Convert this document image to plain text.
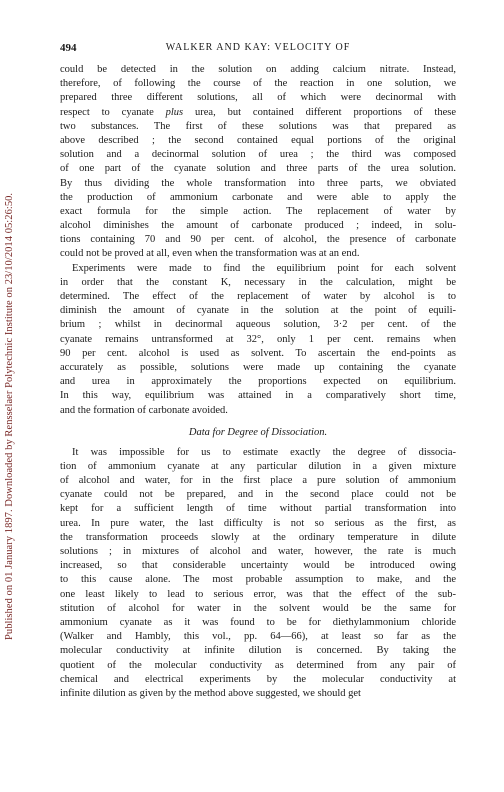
Published on 01 January 1897. Downloaded by Rensselaer Polytechnic Institute on 23/10/2014 05:26:50.
494	WALKER AND KAY: VELOCITY OF

could be detected in the solution on adding calcium nitrate. Instead,
therefore, of following the course of the reaction in one solution, we
prepared three different solutions, all of which were decinormal with
respect to cyanate plus urea, but contained different proportions of these
two substances. The first of these solutions was that prepared as
above described ; the second contained equal portions of the original
solution and a decinormal solution of urea ; the third was composed
of one part of the cyanate solution and three parts of the urea solution.
By thus dividing the whole transformation into three parts, we obviated
the production of ammonium carbonate and were able to apply the
exact formula for the simple action. The replacement of water by
alcohol diminishes the amount of carbonate produced ; indeed, in solu-
tions containing 70 and 90 per cent. of alcohol, the presence of carbonate
could not be proved at all, even when the transformation was at an end.

Experiments were made to find the equilibrium point for each solvent
in order that the constant K, necessary in the calculation, might be
determined. The effect of the replacement of water by alcohol is to
diminish the amount of cyanate in the solution at the point of equili-
brium ; whilst in decinormal aqueous solution, 3·2 per cent. of the
cyanate remains untransformed at 32°, only 1 per cent. remains when
90 per cent. alcohol is used as solvent. To ascertain the end-points as
accurately as possible, solutions were made up containing the cyanate
and urea in approximately the proportions expected on equilibrium.
In this way, equilibrium was attained in a comparatively short time,
and the formation of carbonate avoided.

Data for Degree of Dissociation.

It was impossible for us to estimate exactly the degree of dissocia-
tion of ammonium cyanate at any particular dilution in a given mixture
of alcohol and water, for in the first place a pure solution of ammonium
cyanate could not be prepared, and in the second place could not be
kept for a sufficient length of time without partial transformation into
urea. In pure water, the last difficulty is not so serious as the first, as
the transformation proceeds slowly at the ordinary temperature in dilute
solutions ; in mixtures of alcohol and water, however, the rate is much
increased, so that considerable uncertainty would be introduced owing
to this cause alone. The most probable assumption to make, and the
one least likely to lead to serious error, was that the effect of the sub-
stitution of alcohol for water in the solvent would be the same for
ammonium cyanate as it was found to be for diethylammonium chloride
(Walker and Hambly, this vol., pp. 64—66), at least so far as the
molecular conductivity at infinite dilution is concerned. By taking the
quotient of the molecular conductivity as determined from any pair of
chemical and electrical experiments by the molecular conductivity at
infinite dilution as given by the method above suggested, we should get
